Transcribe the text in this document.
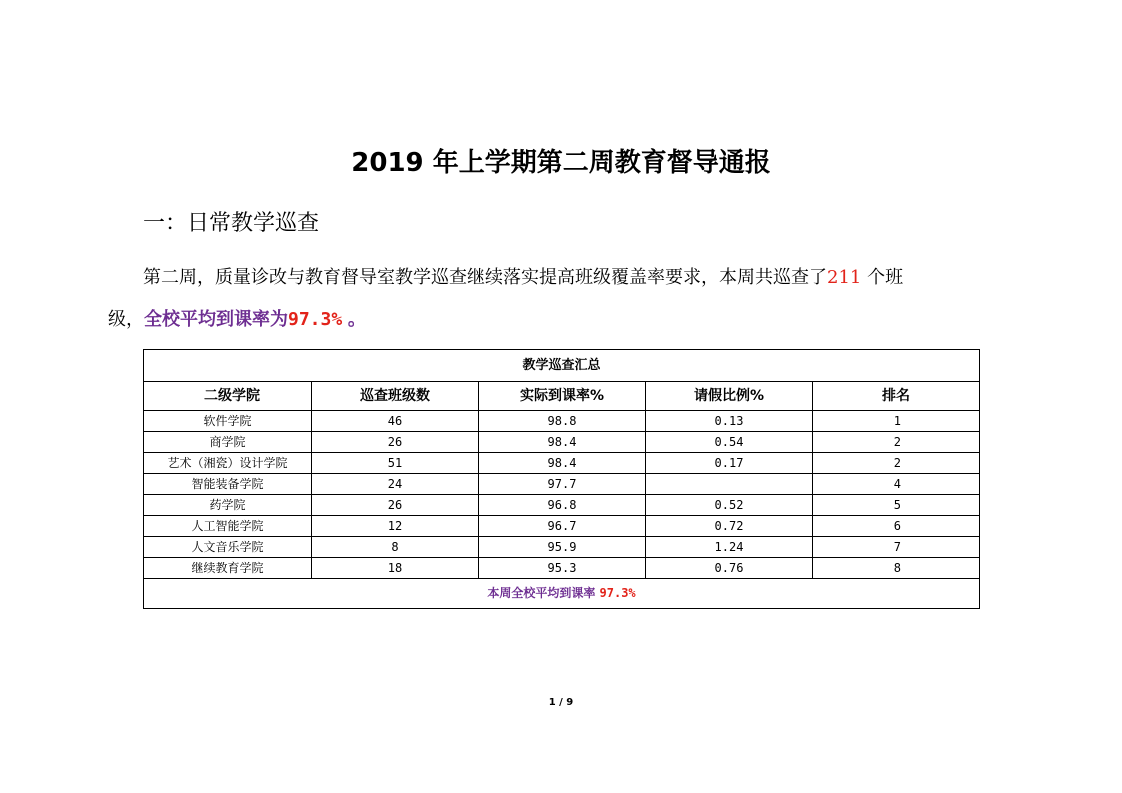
2019 年上学期第二周教育督导通报
一：日常教学巡查
第二周，质量诊改与教育督导室教学巡查继续落实提高班级覆盖率要求，本周共巡查了211 个班
级，全校平均到课率为97.3% 。
教学巡查汇总				
二级学院	巡查班级数	实际到课率%	请假比例%	排名
软件学院	46	98.8	0.13	1
商学院	26	98.4	0.54	2
艺术（湘瓷）设计学院	51	98.4	0.17	2
智能装备学院	24	97.7		4
药学院	26	96.8	0.52	5
人工智能学院	12	96.7	0.72	6
人文音乐学院	8	95.9	1.24	7
继续教育学院	18	95.3	0.76	8
本周全校平均到课率 97.3%				
1 / 9
